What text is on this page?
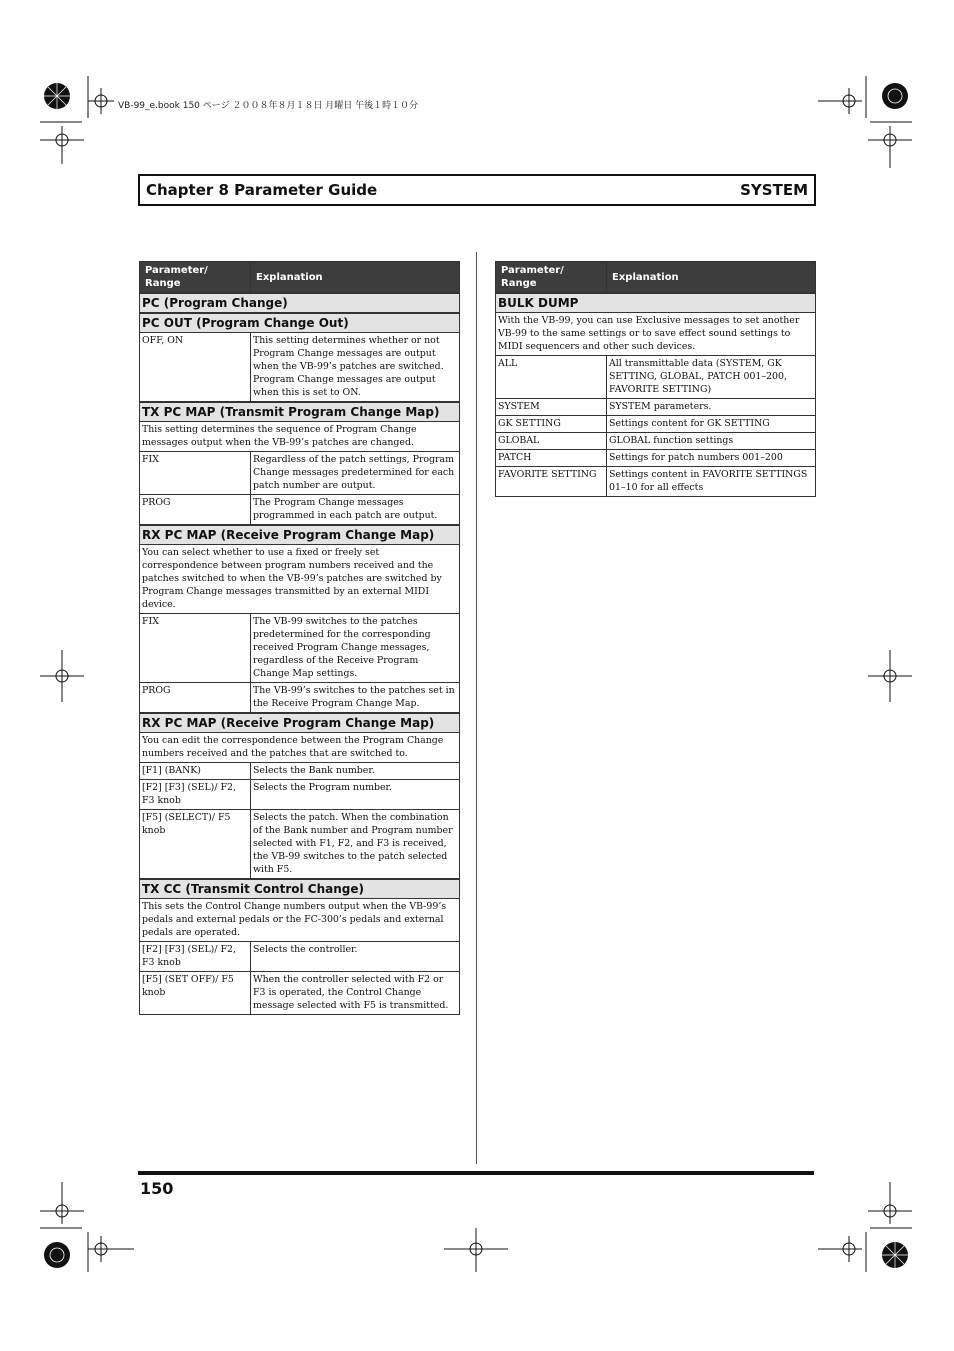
VB-99_e.book 150 ページ ２００８年８月１８日 月曜日 午後１時１０分
Chapter 8 Parameter Guide	SYSTEM
Parameter/ Range	Explanation
PC (Program Change)	
PC OUT (Program Change Out)	
OFF, ON	This setting determines whether or not Program Change messages are output when the VB-99’s patches are switched. Program Change messages are output when this is set to ON.
TX PC MAP (Transmit Program Change Map)	
This setting determines the sequence of Program Change messages output when the VB-99’s patches are changed.	
FIX	Regardless of the patch settings, Program Change messages predetermined for each patch number are output.
PROG	The Program Change messages programmed in each patch are output.
RX PC MAP (Receive Program Change Map)	
You can select whether to use a fixed or freely set correspondence between program numbers received and the patches switched to when the VB-99’s patches are switched by Program Change messages transmitted by an external MIDI device.	
FIX	The VB-99 switches to the patches predetermined for the corresponding received Program Change messages, regardless of the Receive Program Change Map settings.
PROG	The VB-99’s switches to the patches set in the Receive Program Change Map.
RX PC MAP (Receive Program Change Map)	
You can edit the correspondence between the Program Change numbers received and the patches that are switched to.	
[F1] (BANK)	Selects the Bank number.
[F2] [F3] (SEL)/ F2, F3 knob	Selects the Program number.
[F5] (SELECT)/ F5 knob	Selects the patch. When the combination of the Bank number and Program number selected with F1, F2, and F3 is received, the VB-99 switches to the patch selected with F5.
TX CC (Transmit Control Change)	
This sets the Control Change numbers output when the VB-99’s pedals and external pedals or the FC-300’s pedals and external pedals are operated.	
[F2] [F3] (SEL)/ F2, F3 knob	Selects the controller.
[F5] (SET OFF)/ F5 knob	When the controller selected with F2 or F3 is operated, the Control Change message selected with F5 is transmitted.
Parameter/ Range	Explanation
BULK DUMP	
With the VB-99, you can use Exclusive messages to set another VB-99 to the same settings or to save effect sound settings to MIDI sequencers and other such devices.	
ALL	All transmittable data (SYSTEM, GK SETTING, GLOBAL, PATCH 001–200, FAVORITE SETTING)
SYSTEM	SYSTEM parameters.
GK SETTING	Settings content for GK SETTING
GLOBAL	GLOBAL function settings
PATCH	Settings for patch numbers 001–200
FAVORITE SETTING	Settings content in FAVORITE SETTINGS 01–10 for all effects
150
